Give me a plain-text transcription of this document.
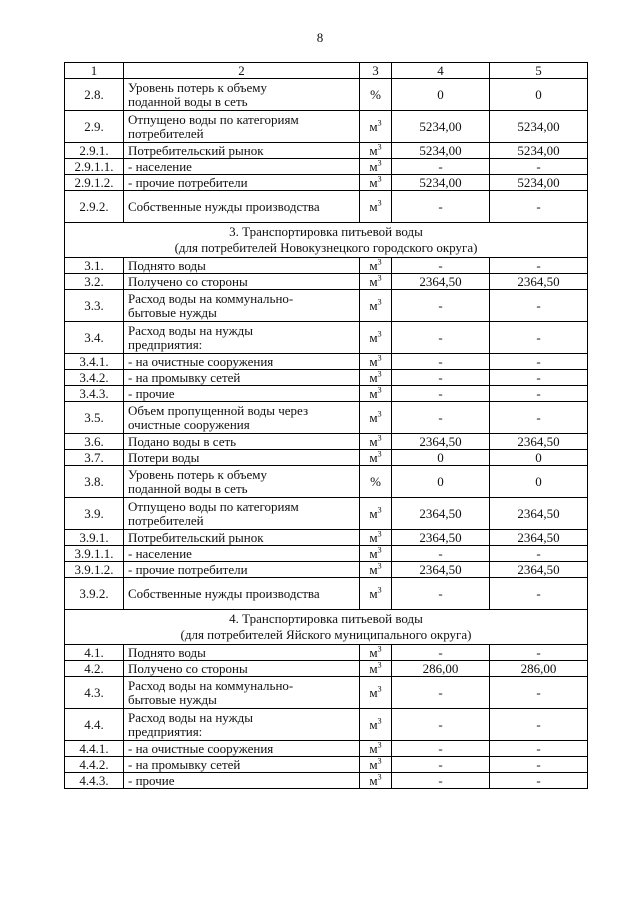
8
1	2	3	4	5
2.8.	Уровень потерь к объему
поданной воды в сеть	%	0	0
2.9.	Отпущено воды по категориям
потребителей	$м^3$	5234,00	5234,00
2.9.1.	Потребительский рынок	$м^3$	5234,00	5234,00
2.9.1.1.	- население	$м^3$	-	-
2.9.1.2.	- прочие потребители	$м^3$	5234,00	5234,00
2.9.2.	Собственные нужды производства	$м^3$	-	-

3. Транспортировка питьевой воды
(для потребителей Новокузнецкого городского округа)				

3.1.	Поднято воды	$м^3$	-	-
3.2.	Получено со стороны	$м^3$	2364,50	2364,50
3.3.	Расход воды на коммунально-
бытовые нужды	$м^3$	-	-
3.4.	Расход воды на нужды
предприятия:	$м^3$	-	-
3.4.1.	- на очистные сооружения	$м^3$	-	-
3.4.2.	- на промывку сетей	$м^3$	-	-
3.4.3.	- прочие	$м^3$	-	-
3.5.	Объем пропущенной воды через
очистные сооружения	$м^3$	-	-
3.6.	Подано воды в сеть	$м^3$	2364,50	2364,50
3.7.	Потери воды	$м^3$	0	0
3.8.	Уровень потерь к объему
поданной воды в сеть	%	0	0
3.9.	Отпущено воды по категориям
потребителей	$м^3$	2364,50	2364,50
3.9.1.	Потребительский рынок	$м^3$	2364,50	2364,50
3.9.1.1.	- население	$м^3$	-	-
3.9.1.2.	- прочие потребители	$м^3$	2364,50	2364,50
3.9.2.	Собственные нужды производства	$м^3$	-	-

4. Транспортировка питьевой воды
(для потребителей Яйского муниципального округа)				

4.1.	Поднято воды	$м^3$	-	-
4.2.	Получено со стороны	$м^3$	286,00	286,00
4.3.	Расход воды на коммунально-
бытовые нужды	$м^3$	-	-
4.4.	Расход воды на нужды
предприятия:	$м^3$	-	-
4.4.1.	- на очистные сооружения	$м^3$	-	-
4.4.2.	- на промывку сетей	$м^3$	-	-
4.4.3.	- прочие	$м^3$	-	-
